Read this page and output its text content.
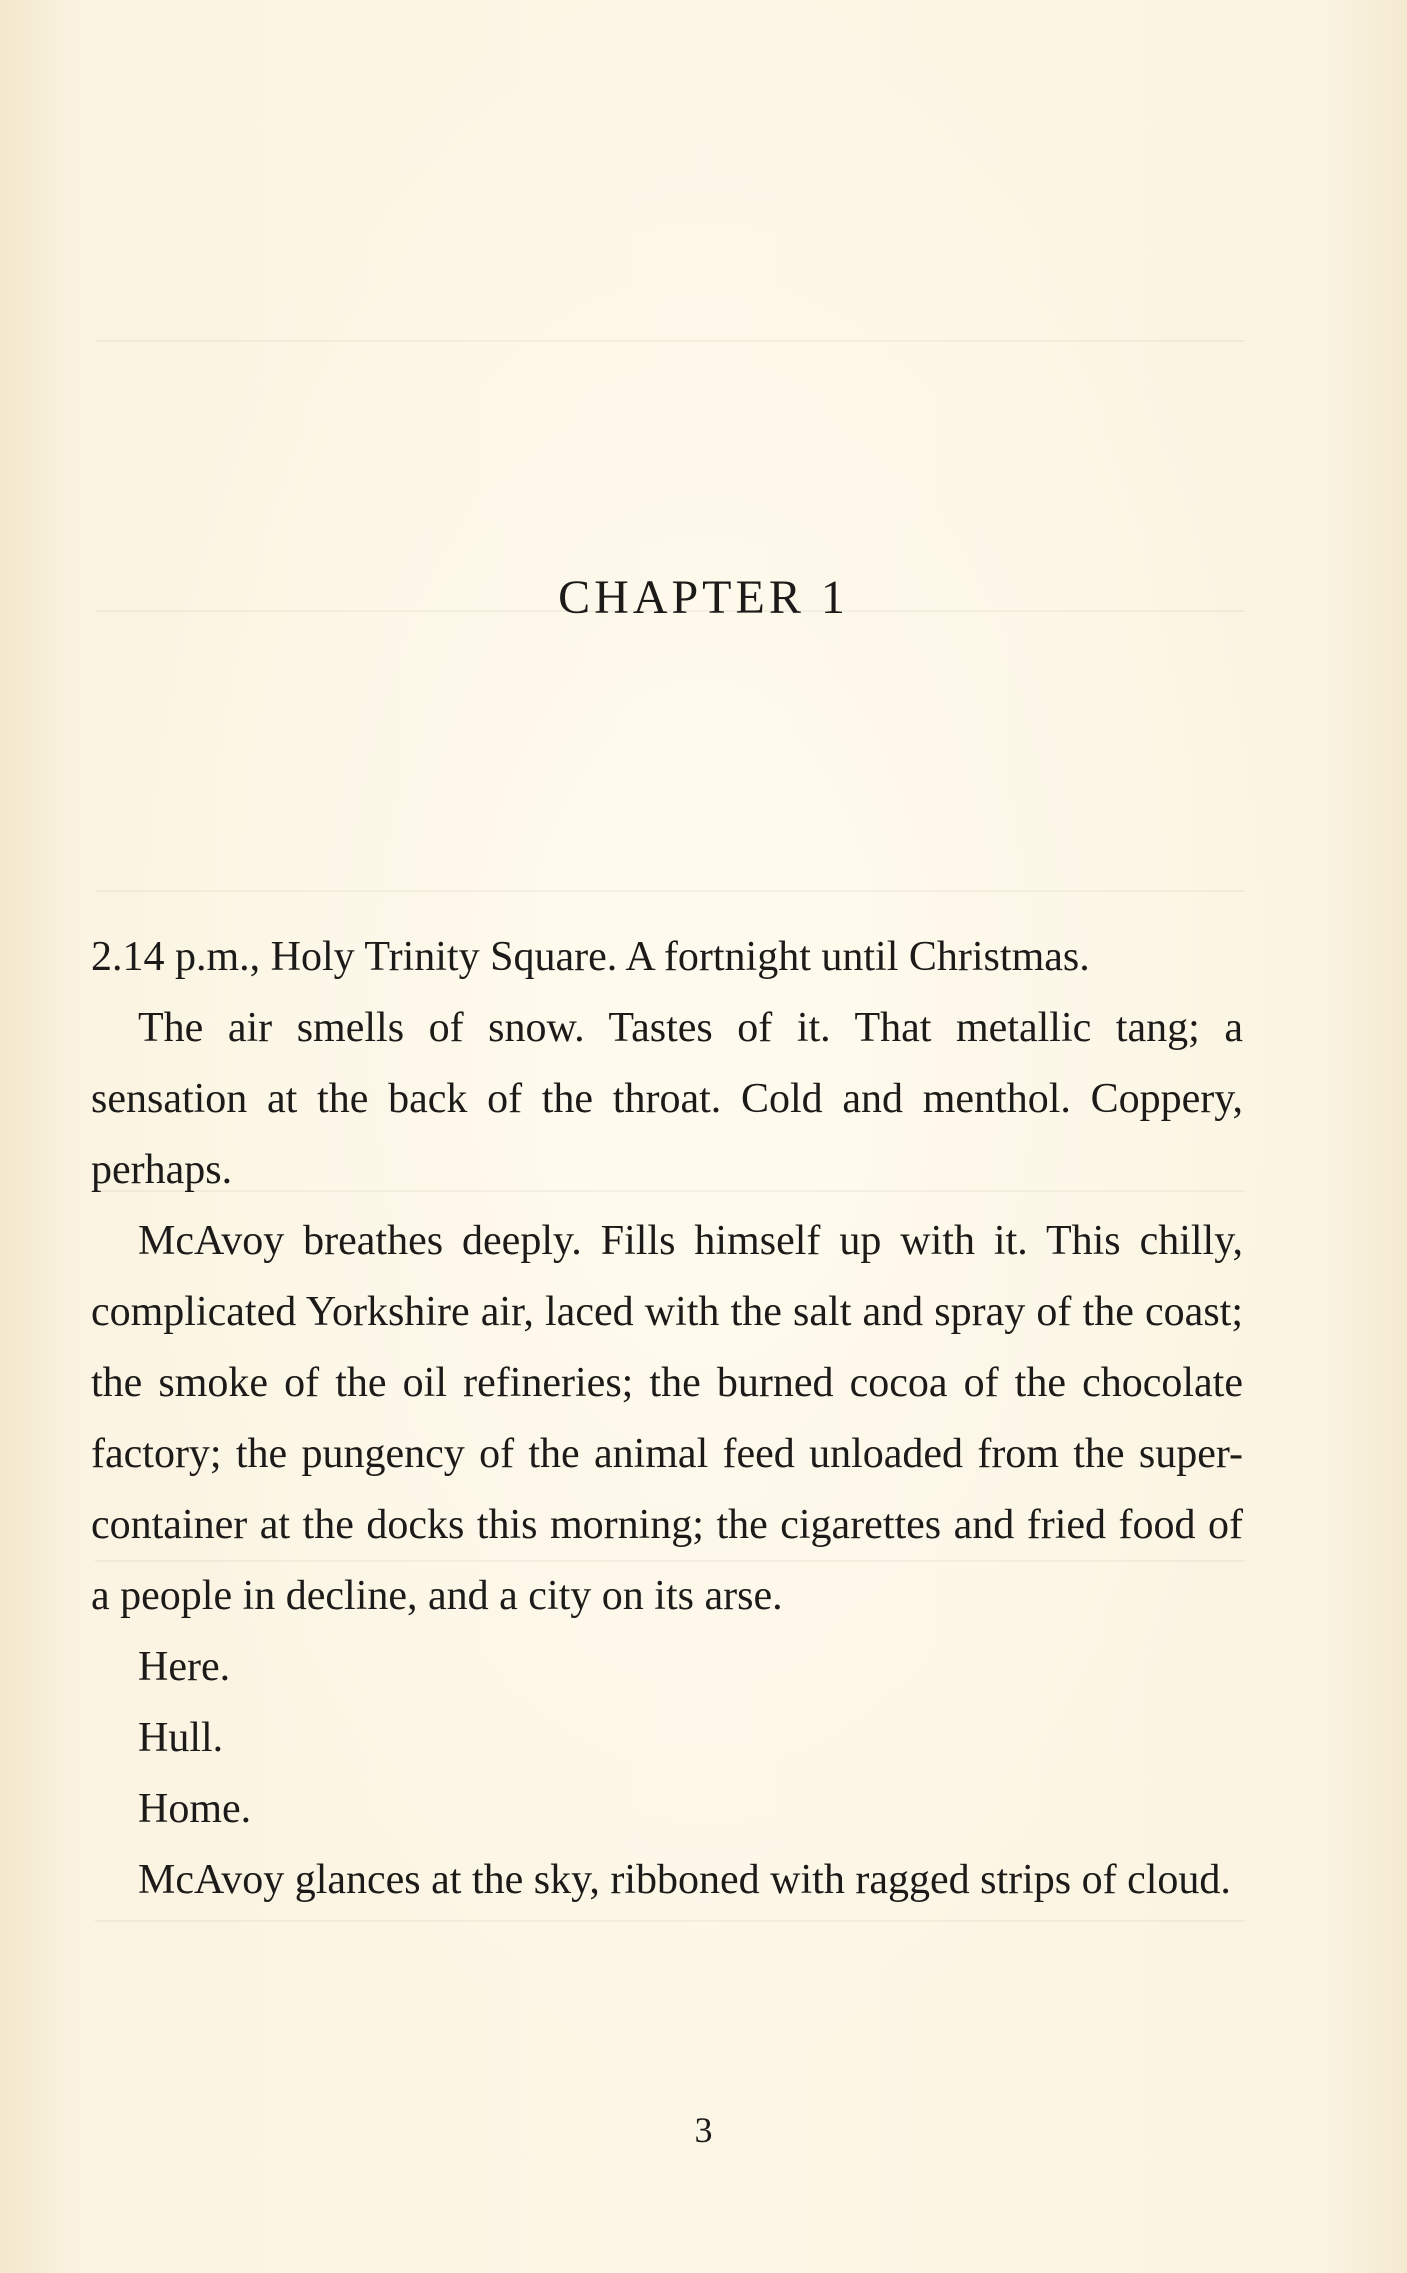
CHAPTER 1

2.14 p.m., Holy Trinity Square. A fortnight until Christmas.

The air smells of snow. Tastes of it. That metallic tang; a sensation at the back of the throat. Cold and menthol. Coppery, perhaps.

McAvoy breathes deeply. Fills himself up with it. This chilly, complicated Yorkshire air, laced with the salt and spray of the coast; the smoke of the oil refineries; the burned cocoa of the chocolate factory; the pungency of the animal feed unloaded from the super-container at the docks this morning; the cigarettes and fried food of a people in decline, and a city on its arse.

Here.

Hull.

Home.

McAvoy glances at the sky, ribboned with ragged strips of cloud.

3
